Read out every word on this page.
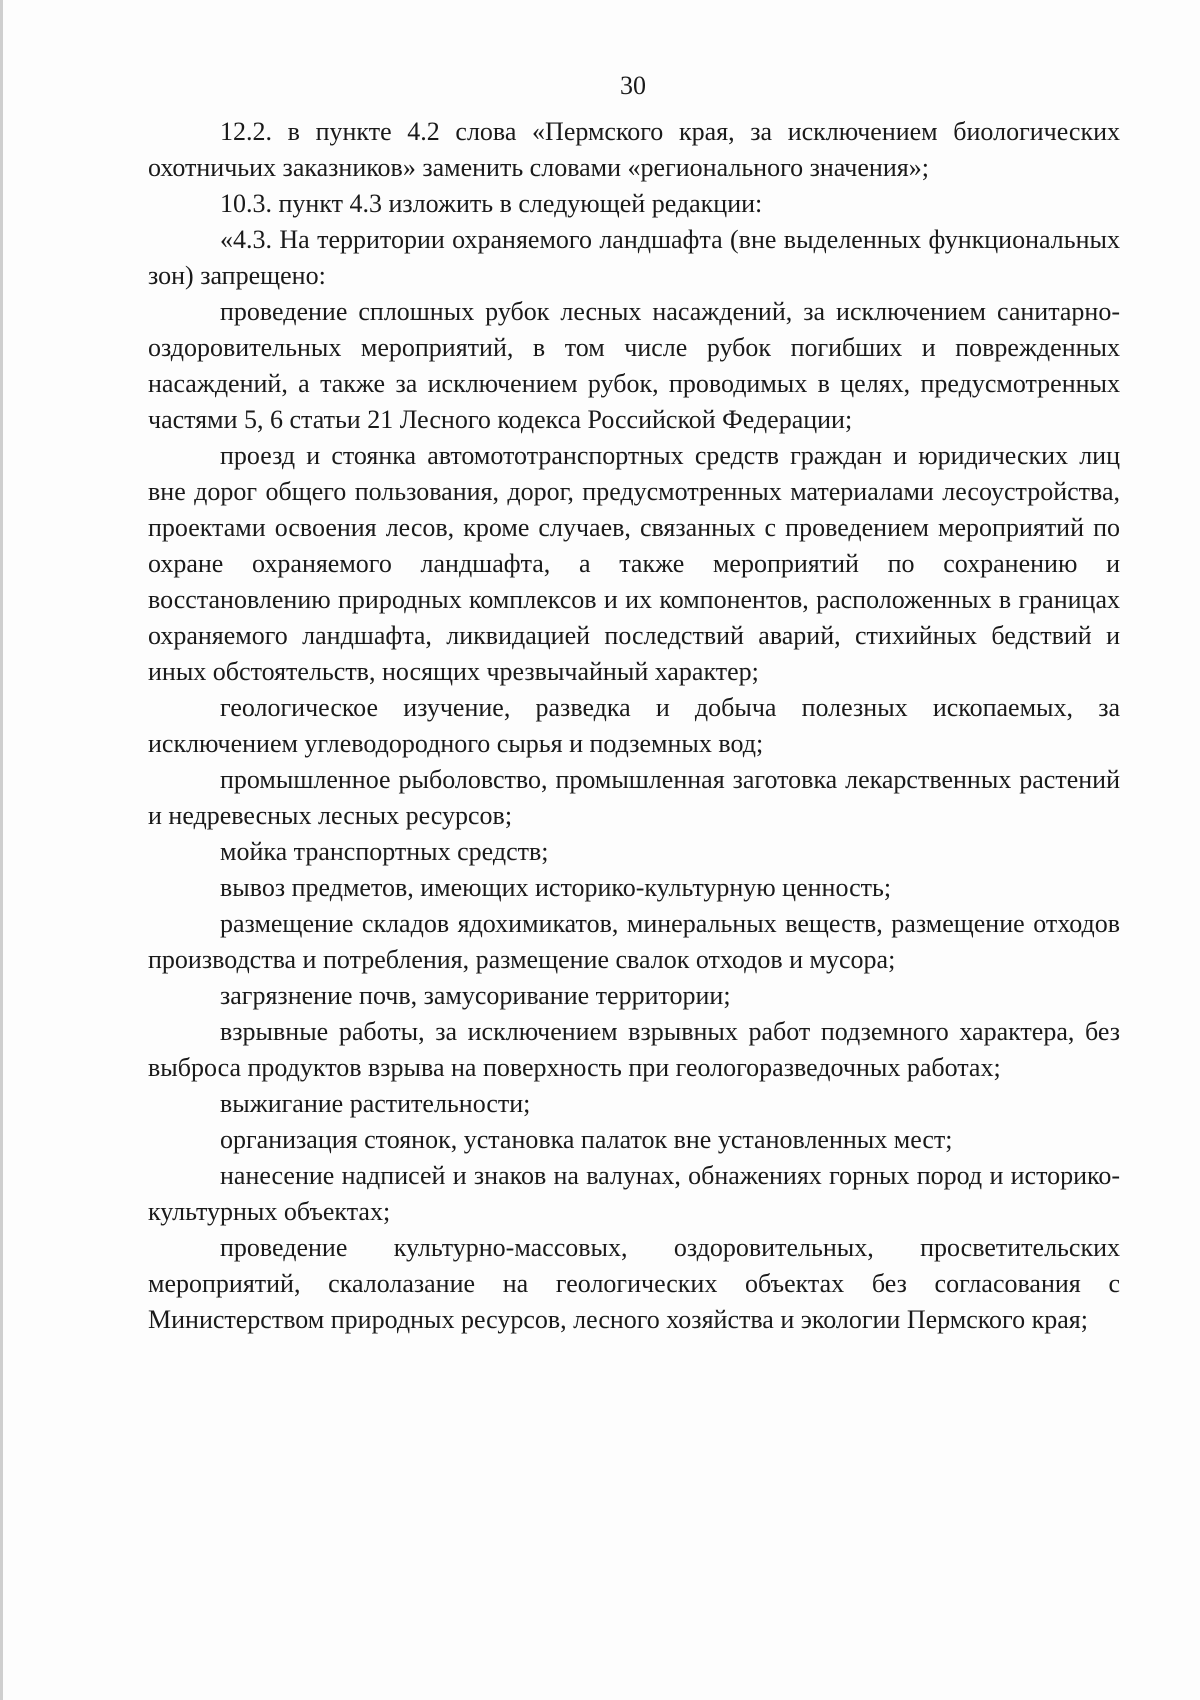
30

12.2. в пункте 4.2 слова «Пермского края, за исключением биологических охотничьих заказников» заменить словами «регионального значения»;

10.3. пункт 4.3 изложить в следующей редакции:

«4.3. На территории охраняемого ландшафта (вне выделенных функциональных зон) запрещено:

проведение сплошных рубок лесных насаждений, за исключением санитарно-оздоровительных мероприятий, в том числе рубок погибших и поврежденных насаждений, а также за исключением рубок, проводимых в целях, предусмотренных частями 5, 6 статьи 21 Лесного кодекса Российской Федерации;

проезд и стоянка автомототранспортных средств граждан и юридических лиц вне дорог общего пользования, дорог, предусмотренных материалами лесоустройства, проектами освоения лесов, кроме случаев, связанных с проведением мероприятий по охране охраняемого ландшафта, а также мероприятий по сохранению и восстановлению природных комплексов и их компонентов, расположенных в границах охраняемого ландшафта, ликвидацией последствий аварий, стихийных бедствий и иных обстоятельств, носящих чрезвычайный характер;

геологическое изучение, разведка и добыча полезных ископаемых, за исключением углеводородного сырья и подземных вод;

промышленное рыболовство, промышленная заготовка лекарственных растений и недревесных лесных ресурсов;

мойка транспортных средств;

вывоз предметов, имеющих историко-культурную ценность;

размещение складов ядохимикатов, минеральных веществ, размещение отходов производства и потребления, размещение свалок отходов и мусора;

загрязнение почв, замусоривание территории;

взрывные работы, за исключением взрывных работ подземного характера, без выброса продуктов взрыва на поверхность при геологоразведочных работах;

выжигание растительности;

организация стоянок, установка палаток вне установленных мест;

нанесение надписей и знаков на валунах, обнажениях горных пород и историко-культурных объектах;

проведение культурно-массовых, оздоровительных, просветительских мероприятий, скалолазание на геологических объектах без согласования с Министерством природных ресурсов, лесного хозяйства и экологии Пермского края;
